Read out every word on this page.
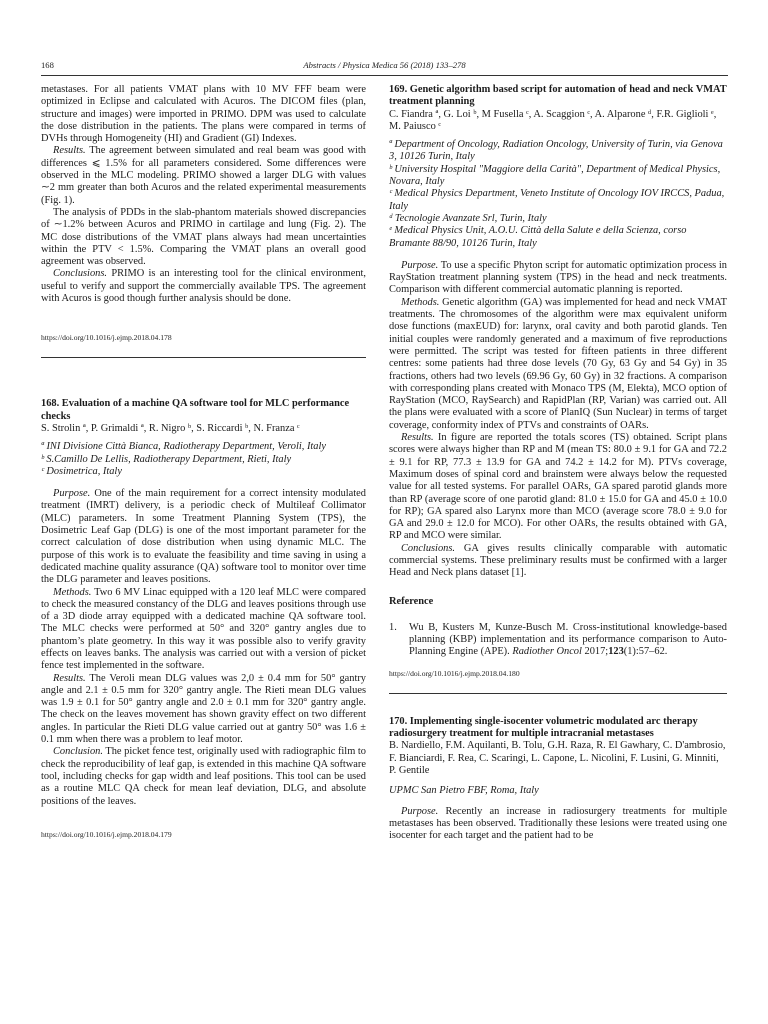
168	Abstracts / Physica Medica 56 (2018) 133–278

metastases. For all patients VMAT plans with 10 MV FFF beam were optimized in Eclipse and calculated with Acuros. The DICOM files (plan, structure and images) were imported in PRIMO. DPM was used to calculate the dose distribution in the patients. The plans were compared in terms of DVHs through Homogeneity (HI) and Gradient (GI) Indexes.

Results. The agreement between simulated and real beam was good with differences ⩽ 1.5% for all parameters considered. Some differences were observed in the MLC modeling. PRIMO showed a larger DLG with values ∼2 mm greater than both Acuros and the related experimental measurements (Fig. 1).

The analysis of PDDs in the slab-phantom materials showed discrepancies of ∼1.2% between Acuros and PRIMO in cartilage and lung (Fig. 2). The MC dose distributions of the VMAT plans always had mean uncertainties within the PTV < 1.5%. Comparing the VMAT plans an overall good agreement was observed.

Conclusions. PRIMO is an interesting tool for the clinical environment, useful to verify and support the commercially available TPS. The agreement with Acuros is good though further analysis should be done.

https://doi.org/10.1016/j.ejmp.2018.04.178

168. Evaluation of a machine QA software tool for MLC performance checks

S. Strolin ª, P. Grimaldi ª, R. Nigro ᵇ, S. Riccardi ᵇ, N. Franza ᶜ

ª INI Divisione Città Bianca, Radiotherapy Department, Veroli, Italy

ᵇ S.Camillo De Lellis, Radiotherapy Department, Rieti, Italy

ᶜ Dosimetrica, Italy

Purpose. One of the main requirement for a correct intensity modulated treatment (IMRT) delivery, is a periodic check of Multileaf Collimator (MLC) parameters. In some Treatment Planning System (TPS), the Dosimetric Leaf Gap (DLG) is one of the most important parameter for the correct calculation of dose distribution when using dynamic MLC. The purpose of this work is to evaluate the feasibility and time saving in using a dedicated machine quality assurance (QA) software tool to monitor over time the DLG parameter and leaves positions.

Methods. Two 6 MV Linac equipped with a 120 leaf MLC were compared to check the measured constancy of the DLG and leaves positions through use of a 3D diode array equipped with a dedicated machine QA software tool. The MLC checks were performed at 50° and 320° gantry angles due to phantom’s plate geometry. In this way it was possible also to verify gravity effects on leaves banks. The analysis was carried out with a version of picket fence test implemented in the software.

Results. The Veroli mean DLG values was 2,0 ± 0.4 mm for 50° gantry angle and 2.1 ± 0.5 mm for 320° gantry angle. The Rieti mean DLG values was 1.9 ± 0.1 for 50° gantry angle and 2.0 ± 0.1 mm for 320° gantry angle. The check on the leaves movement has shown gravity effect on two different angles. In particular the Rieti DLG value carried out at gantry 50° was 1.6 ± 0.1 mm when there was a problem to leaf motor.

Conclusion. The picket fence test, originally used with radiographic film to check the reproducibility of leaf gap, is extended in this machine QA software tool, including checks for gap width and leaf positions. This tool can be used as a routine MLC QA check for mean leaf deviation, DLG, and absolute positions of the leaves.

https://doi.org/10.1016/j.ejmp.2018.04.179

169. Genetic algorithm based script for automation of head and neck VMAT treatment planning

C. Fiandra ª, G. Loi ᵇ, M Fusella ᶜ, A. Scaggion ᶜ, A. Alparone ᵈ, F.R. Giglioli ᵉ, M. Paiusco ᶜ

ª Department of Oncology, Radiation Oncology, University of Turin, via Genova 3, 10126 Turin, Italy

ᵇ University Hospital "Maggiore della Carità", Department of Medical Physics, Novara, Italy

ᶜ Medical Physics Department, Veneto Institute of Oncology IOV IRCCS, Padua, Italy

ᵈ Tecnologie Avanzate Srl, Turin, Italy

ᵉ Medical Physics Unit, A.O.U. Città della Salute e della Scienza, corso Bramante 88/90, 10126 Turin, Italy

Purpose. To use a specific Phyton script for automatic optimization process in RayStation treatment planning system (TPS) in the head and neck treatments. Comparison with different commercial automatic planning is reported.

Methods. Genetic algorithm (GA) was implemented for head and neck VMAT treatments. The chromosomes of the algorithm were max equivalent uniform dose functions (maxEUD) for: larynx, oral cavity and both parotid glands. Ten initial couples were randomly generated and a maximum of five reproductions were permitted. The script was tested for fifteen patients in three different centres: some patients had three dose levels (70 Gy, 63 Gy and 54 Gy) in 35 fractions, others had two levels (69.96 Gy, 60 Gy) in 32 fractions. A comparison with corresponding plans created with Monaco TPS (M, Elekta), MCO option of RayStation (MCO, RaySearch) and RapidPlan (RP, Varian) was carried out. All the plans were evaluated with a score of PlanIQ (Sun Nuclear) in terms of target coverage, conformity index of PTVs and constraints of OARs.

Results. In figure are reported the totals scores (TS) obtained. Script plans scores were always higher than RP and M (mean TS: 80.0 ± 9.1 for GA and 72.2 ± 9.1 for RP, 77.3 ± 13.9 for GA and 74.2 ± 14.2 for M). PTVs coverage, Maximum doses of spinal cord and brainstem were always below the requested value for all tested systems. For parallel OARs, GA spared parotid glands more than RP (average score of one parotid gland: 81.0 ± 15.0 for GA and 45.0 ± 10.0 for RP); GA spared also Larynx more than MCO (average score 78.0 ± 9.0 for GA and 29.0 ± 12.0 for MCO). For other OARs, the results obtained with GA, RP and MCO were similar.

Conclusions. GA gives results clinically comparable with automatic commercial systems. These preliminary results must be confirmed with a larger Head and Neck plans dataset [1].

Reference

1.	Wu B, Kusters M, Kunze-Busch M. Cross-institutional knowledge-based planning (KBP) implementation and its performance comparison to Auto-Planning Engine (APE). Radiother Oncol 2017;123(1):57–62.
https://doi.org/10.1016/j.ejmp.2018.04.180

170. Implementing single-isocenter volumetric modulated arc therapy radiosurgery treatment for multiple intracranial metastases

B. Nardiello, F.M. Aquilanti, B. Tolu, G.H. Raza, R. El Gawhary, C. D'ambrosio, F. Bianciardi, F. Rea, C. Scaringi, L. Capone, L. Nicolini, F. Lusini, G. Minniti, P. Gentile

UPMC San Pietro FBF, Roma, Italy

Purpose. Recently an increase in radiosurgery treatments for multiple metastases has been observed. Traditionally these lesions were treated using one isocenter for each target and the patient had to be
